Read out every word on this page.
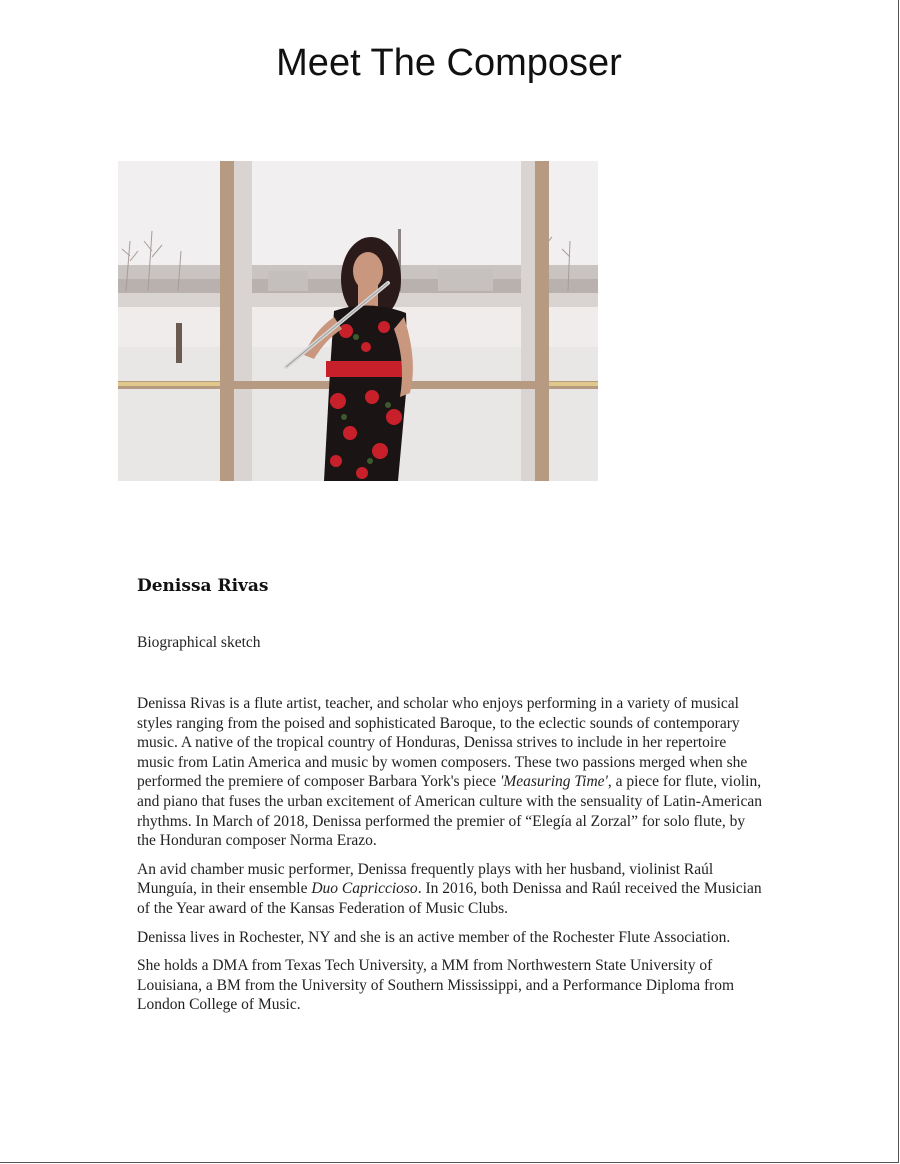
Meet The Composer
Denissa Rivas

Biographical sketch

Denissa Rivas is a flute artist, teacher, and scholar who enjoys performing in a variety of musical styles ranging from the poised and sophisticated Baroque, to the eclectic sounds of contemporary music. A native of the tropical country of Honduras, Denissa strives to include in her repertoire music from Latin America and music by women composers. These two passions merged when she performed the premiere of composer Barbara York's piece 'Measuring Time', a piece for flute, violin, and piano that fuses the urban excitement of American culture with the sensuality of Latin-American rhythms. In March of 2018, Denissa performed the premier of “Elegía al Zorzal” for solo flute, by the Honduran composer Norma Erazo.

An avid chamber music performer, Denissa frequently plays with her husband, violinist Raúl Munguía, in their ensemble Duo Capriccioso. In 2016, both Denissa and Raúl received the Musician of the Year award of the Kansas Federation of Music Clubs.

Denissa lives in Rochester, NY and she is an active member of the Rochester Flute Association.

She holds a DMA from Texas Tech University, a MM from Northwestern State University of Louisiana, a BM from the University of Southern Mississippi, and a Performance Diploma from London College of Music.
